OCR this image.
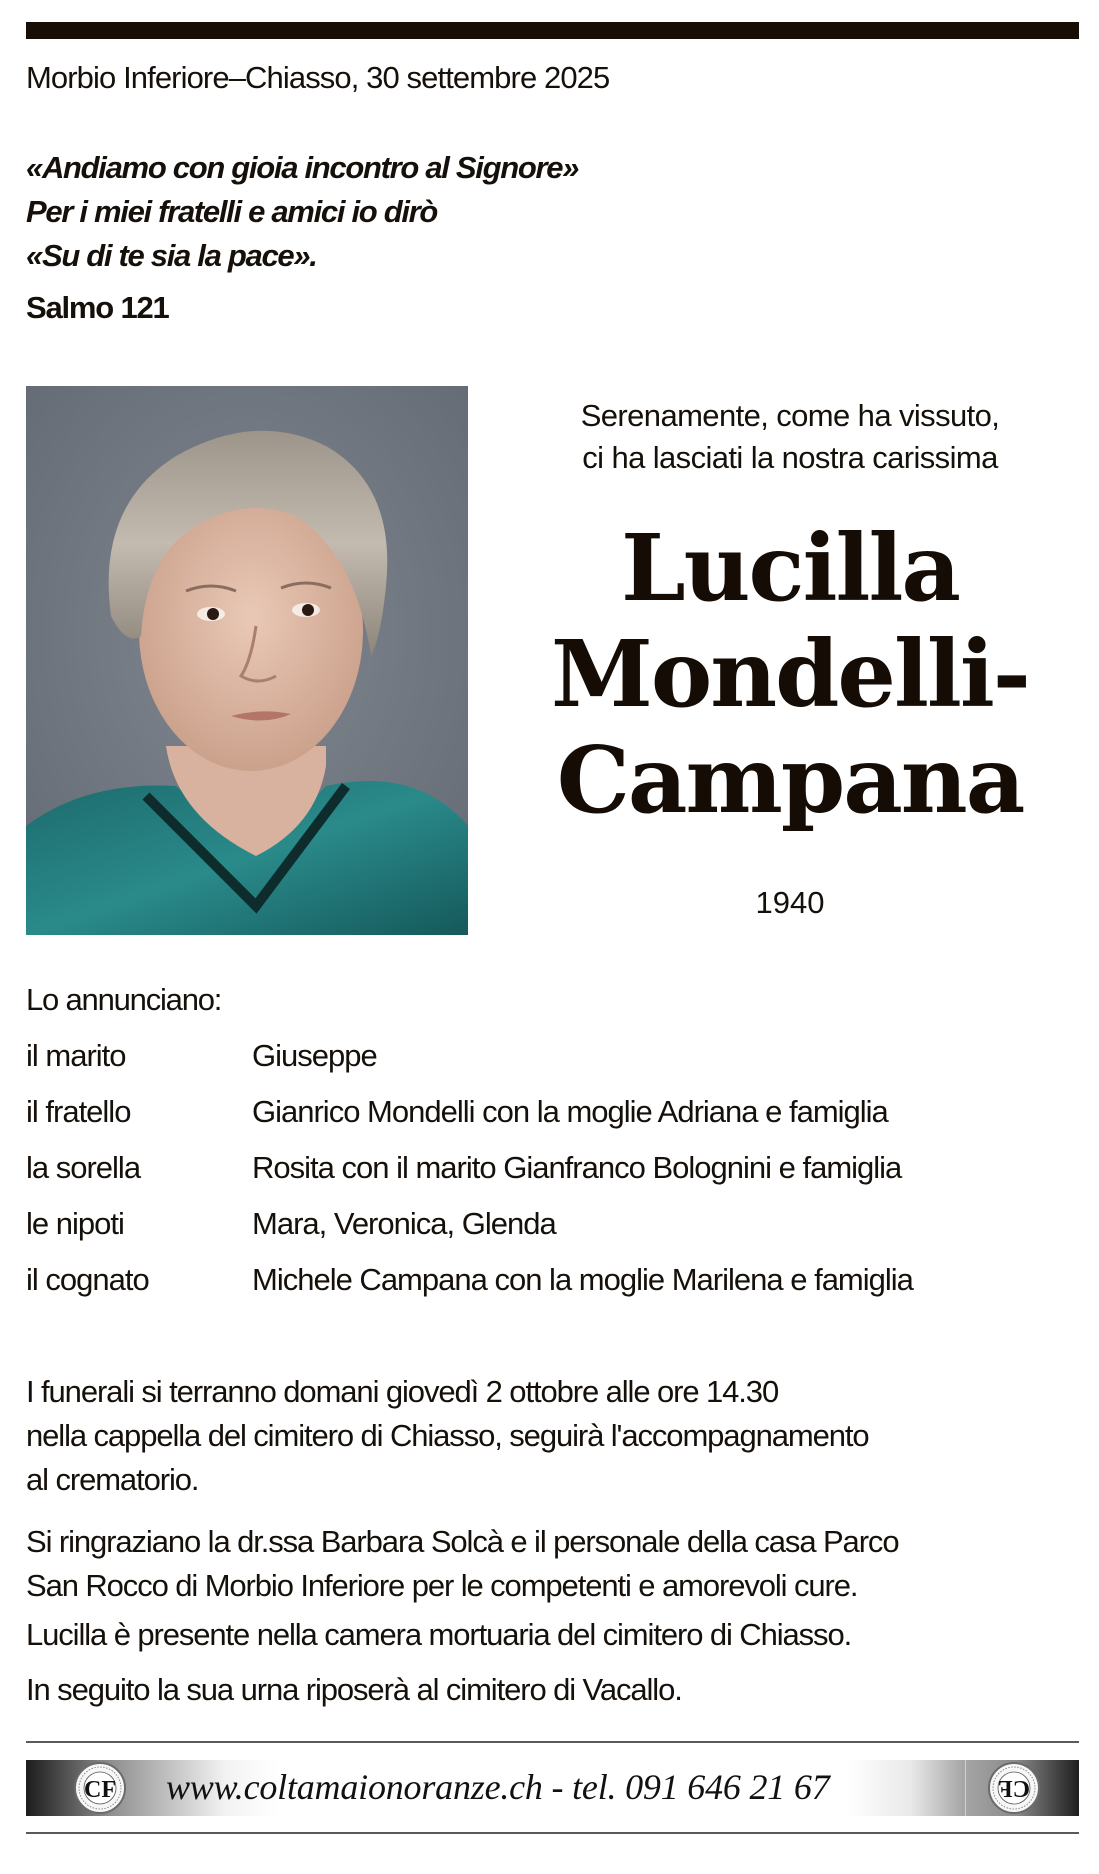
Morbio Inferiore–Chiasso, 30 settembre 2025
«Andiamo con gioia incontro al Signore»
Per i miei fratelli e amici io dirò
«Su di te sia la pace».
Salmo 121
Serenamente, come ha vissuto,
ci ha lasciati la nostra carissima
Lucilla
Mondelli-
Campana
1940
Lo annunciano:
il marito	Giuseppe
il fratello	Gianrico Mondelli con la moglie Adriana e famiglia
la sorella	Rosita con il marito Gianfranco Bolognini e famiglia
le nipoti	Mara, Veronica, Glenda
il cognato	Michele Campana con la moglie Marilena e famiglia
I funerali si terranno domani giovedì 2 ottobre alle ore 14.30
nella cappella del cimitero di Chiasso, seguirà l'accompagnamento
al crematorio.
Si ringraziano la dr.ssa Barbara Solcà e il personale della casa Parco
San Rocco di Morbio Inferiore per le competenti e amorevoli cure.
Lucilla è presente nella camera mortuaria del cimitero di Chiasso.
In seguito la sua urna riposerà al cimitero di Vacallo.
CF www.coltamaionoranze.ch - tel. 091 646 21 67	CF
